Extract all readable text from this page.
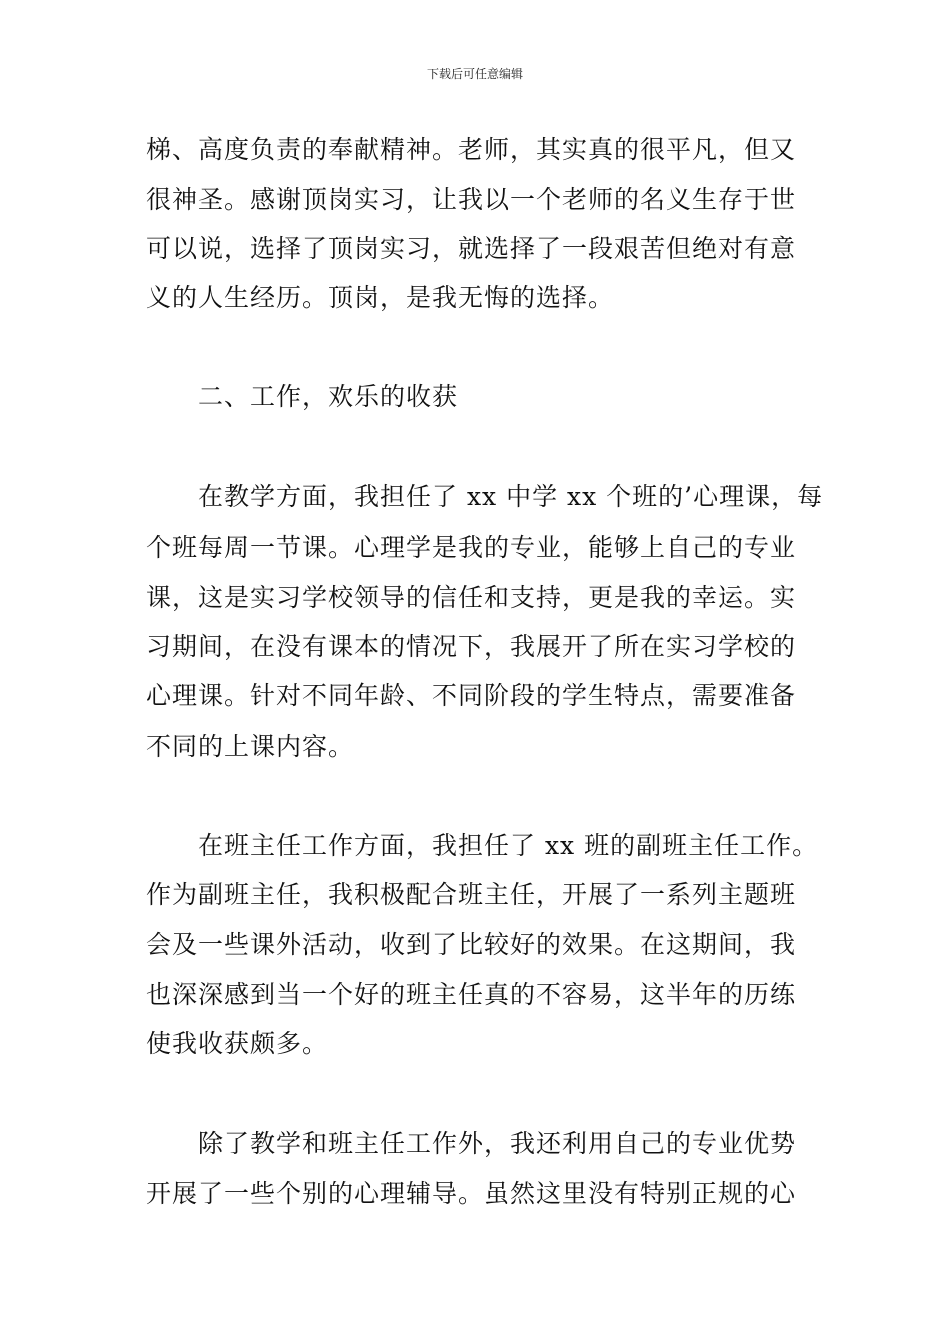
下载后可任意编辑
梯、高度负责的奉献精神。老师，其实真的很平凡，但又
很神圣。感谢顶岗实习，让我以一个老师的名义生存于世
可以说，选择了顶岗实习，就选择了一段艰苦但绝对有意
义的人生经历。顶岗，是我无悔的选择。
　　二、工作，欢乐的收获
　　在教学方面，我担任了 xx 中学 xx 个班的’心理课，每
个班每周一节课。心理学是我的专业，能够上自己的专业
课，这是实习学校领导的信任和支持，更是我的幸运。实
习期间，在没有课本的情况下，我展开了所在实习学校的
心理课。针对不同年龄、不同阶段的学生特点，需要准备
不同的上课内容。
　　在班主任工作方面，我担任了 xx 班的副班主任工作。
作为副班主任，我积极配合班主任，开展了一系列主题班
会及一些课外活动，收到了比较好的效果。在这期间，我
也深深感到当一个好的班主任真的不容易，这半年的历练
使我收获颇多。
　　除了教学和班主任工作外，我还利用自己的专业优势
开展了一些个别的心理辅导。虽然这里没有特别正规的心
